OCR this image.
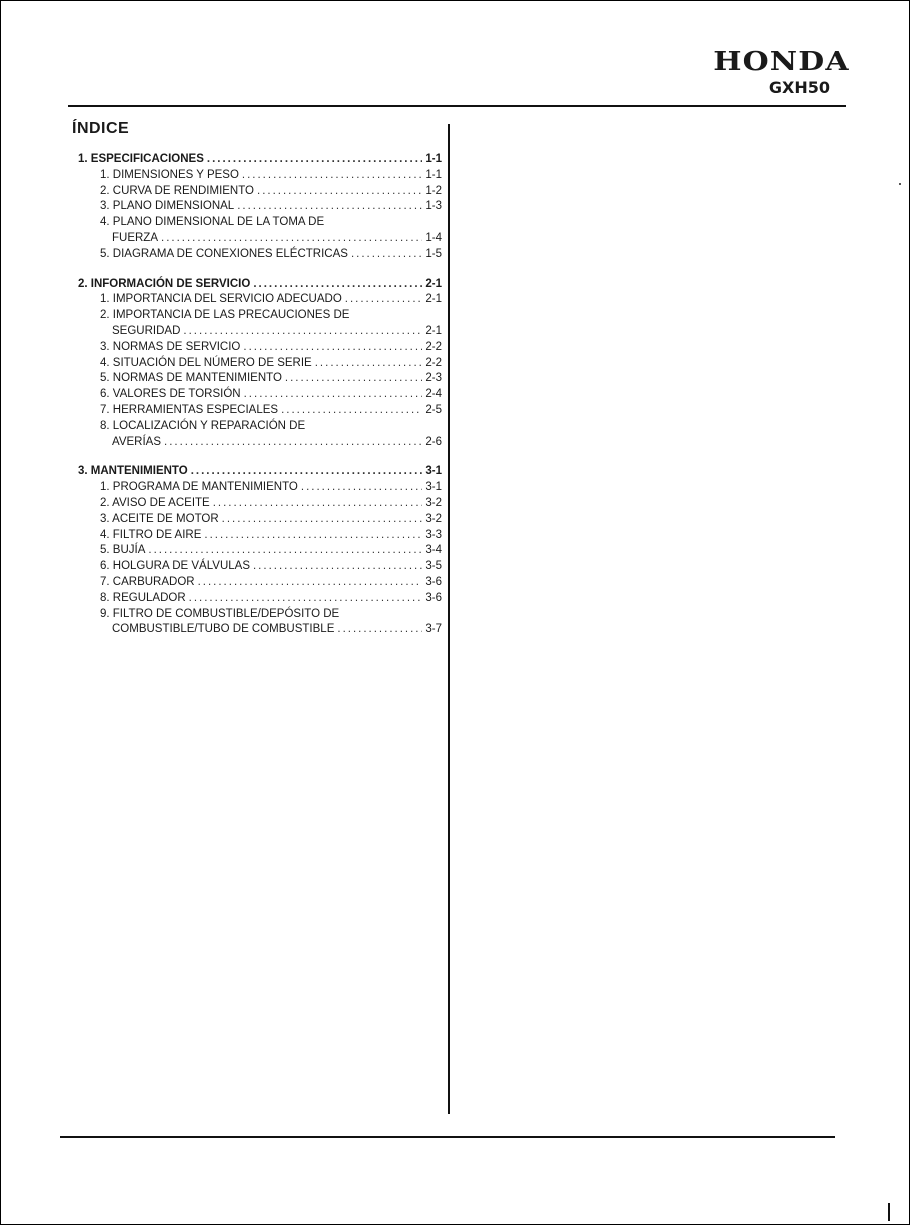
HONDA
GXH50
ÍNDICE
1. ESPECIFICACIONES .....	1-1
1. DIMENSIONES Y PESO .....	1-1
2. CURVA DE RENDIMIENTO .....	1-2
3. PLANO DIMENSIONAL .....	1-3
4. PLANO DIMENSIONAL DE LA TOMA DE
FUERZA .....	1-4
5. DIAGRAMA DE CONEXIONES ELÉCTRICAS .....	1-5
2. INFORMACIÓN DE SERVICIO .....	2-1
1. IMPORTANCIA DEL SERVICIO ADECUADO .....	2-1
2. IMPORTANCIA DE LAS PRECAUCIONES DE
SEGURIDAD .....	2-1
3. NORMAS DE SERVICIO .....	2-2
4. SITUACIÓN DEL NÚMERO DE SERIE .....	2-2
5. NORMAS DE MANTENIMIENTO .....	2-3
6. VALORES DE TORSIÓN .....	2-4
7. HERRAMIENTAS ESPECIALES .....	2-5
8. LOCALIZACIÓN Y REPARACIÓN DE
AVERÍAS .....	2-6
3. MANTENIMIENTO .....	3-1
1. PROGRAMA DE MANTENIMIENTO .....	3-1
2. AVISO DE ACEITE .....	3-2
3. ACEITE DE MOTOR .....	3-2
4. FILTRO DE AIRE .....	3-3
5. BUJÍA .....	3-4
6. HOLGURA DE VÁLVULAS .....	3-5
7. CARBURADOR .....	3-6
8. REGULADOR .....	3-6
9. FILTRO DE COMBUSTIBLE/DEPÓSITO DE
COMBUSTIBLE/TUBO DE COMBUSTIBLE .....	3-7
